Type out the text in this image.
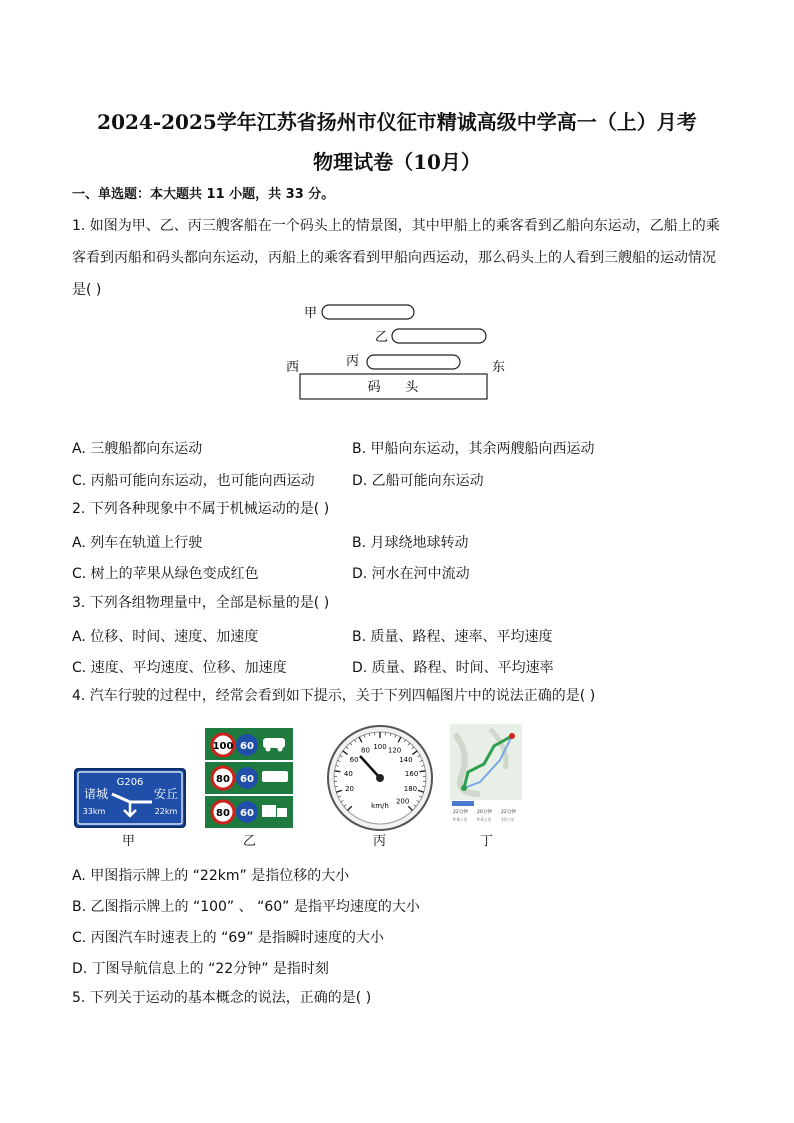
2024-2025学年江苏省扬州市仪征市精诚高级中学高一（上）月考
物理试卷（10月）
一、单选题：本大题共 11 小题，共 33 分。
1. 如图为甲、乙、丙三艘客船在一个码头上的情景图，其中甲船上的乘客看到乙船向东运动，乙船上的乘
客看到丙船和码头都向东运动，丙船上的乘客看到甲船向西运动，那么码头上的人看到三艘船的运动情况
是( )
甲
乙
丙
西	东
码      头
A. 三艘船都向东运动	B. 甲船向东运动，其余两艘船向西运动
C. 丙船可能向东运动，也可能向西运动	D. 乙船可能向东运动
2. 下列各种现象中不属于机械运动的是( )
A. 列车在轨道上行驶	B. 月球绕地球转动
C. 树上的苹果从绿色变成红色	D. 河水在河中流动
3. 下列各组物理量中，全部是标量的是( )
A. 位移、时间、速度、加速度	B. 质量、路程、速率、平均速度
C. 速度、平均速度、位移、加速度	D. 质量、路程、时间、平均速率
4. 汽车行驶的过程中，经常会看到如下提示，关于下列四幅图片中的说法正确的是( )
G206
诸城
33km
安丘
22km
100 60
80 60
80 60
20
40
60
80 100 120
140
160
180
200
km/h
22分钟 20分钟 22分钟
9.8公里 9.6公里 10公里
甲	乙	丙	丁
A. 甲图指示牌上的 “22km” 是指位移的大小
B. 乙图指示牌上的 “100” 、 “60” 是指平均速度的大小
C. 丙图汽车时速表上的 “69” 是指瞬时速度的大小
D. 丁图导航信息上的 “22分钟” 是指时刻
5. 下列关于运动的基本概念的说法，正确的是( )
